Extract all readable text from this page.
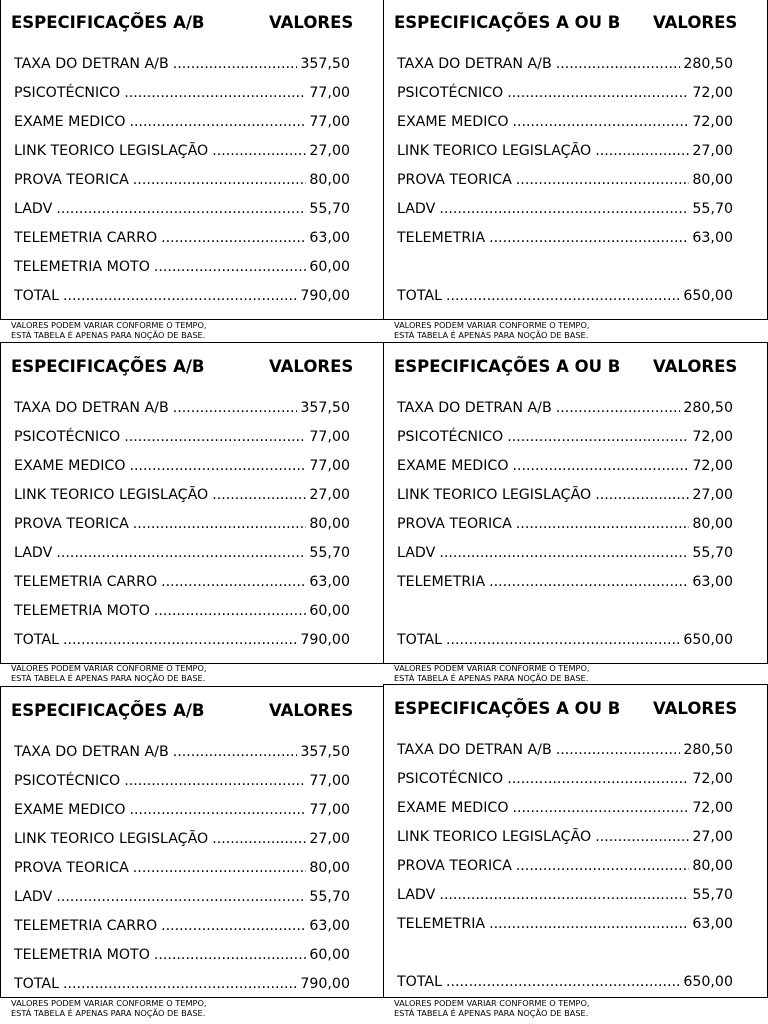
ESPECIFICAÇÕES A/B	VALORES
TAXA DO DETRAN A/B .....	357,50
PSICOTÉCNICO .....	77,00
EXAME MEDICO .....	77,00
LINK TEORICO LEGISLAÇÃO .....	27,00
PROVA TEORICA .....	80,00
LADV .....	55,70
TELEMETRIA CARRO .....	63,00
TELEMETRIA MOTO .....	60,00
TOTAL .....	790,00
ESPECIFICAÇÕES A OU B VALORES
TAXA DO DETRAN A/B .....	280,50
PSICOTÉCNICO .....	72,00
EXAME MEDICO .....	72,00
LINK TEORICO LEGISLAÇÃO .....	27,00
PROVA TEORICA .....	80,00
LADV .....	55,70
TELEMETRIA .....	63,00
TOTAL .....	650,00
VALORES PODEM VARIAR CONFORME O TEMPO,
ESTÁ TABELA É APENAS PARA NOÇÃO DE BASE.
VALORES PODEM VARIAR CONFORME O TEMPO,
ESTÁ TABELA É APENAS PARA NOÇÃO DE BASE.
ESPECIFICAÇÕES A/B	VALORES
TAXA DO DETRAN A/B .....	357,50
PSICOTÉCNICO .....	77,00
EXAME MEDICO .....	77,00
LINK TEORICO LEGISLAÇÃO .....	27,00
PROVA TEORICA .....	80,00
LADV .....	55,70
TELEMETRIA CARRO .....	63,00
TELEMETRIA MOTO .....	60,00
TOTAL .....	790,00
ESPECIFICAÇÕES A OU B VALORES
TAXA DO DETRAN A/B .....	280,50
PSICOTÉCNICO .....	72,00
EXAME MEDICO .....	72,00
LINK TEORICO LEGISLAÇÃO .....	27,00
PROVA TEORICA .....	80,00
LADV .....	55,70
TELEMETRIA .....	63,00
TOTAL .....	650,00
VALORES PODEM VARIAR CONFORME O TEMPO,
ESTÁ TABELA É APENAS PARA NOÇÃO DE BASE.
VALORES PODEM VARIAR CONFORME O TEMPO,
ESTÁ TABELA É APENAS PARA NOÇÃO DE BASE.
ESPECIFICAÇÕES A/B	VALORES
TAXA DO DETRAN A/B .....	357,50
PSICOTÉCNICO .....	77,00
EXAME MEDICO .....	77,00
LINK TEORICO LEGISLAÇÃO .....	27,00
PROVA TEORICA .....	80,00
LADV .....	55,70
TELEMETRIA CARRO .....	63,00
TELEMETRIA MOTO .....	60,00
TOTAL .....	790,00
ESPECIFICAÇÕES A OU B VALORES
TAXA DO DETRAN A/B .....	280,50
PSICOTÉCNICO .....	72,00
EXAME MEDICO .....	72,00
LINK TEORICO LEGISLAÇÃO .....	27,00
PROVA TEORICA .....	80,00
LADV .....	55,70
TELEMETRIA .....	63,00
TOTAL .....	650,00
VALORES PODEM VARIAR CONFORME O TEMPO,
ESTÁ TABELA É APENAS PARA NOÇÃO DE BASE.
VALORES PODEM VARIAR CONFORME O TEMPO,
ESTÁ TABELA É APENAS PARA NOÇÃO DE BASE.
